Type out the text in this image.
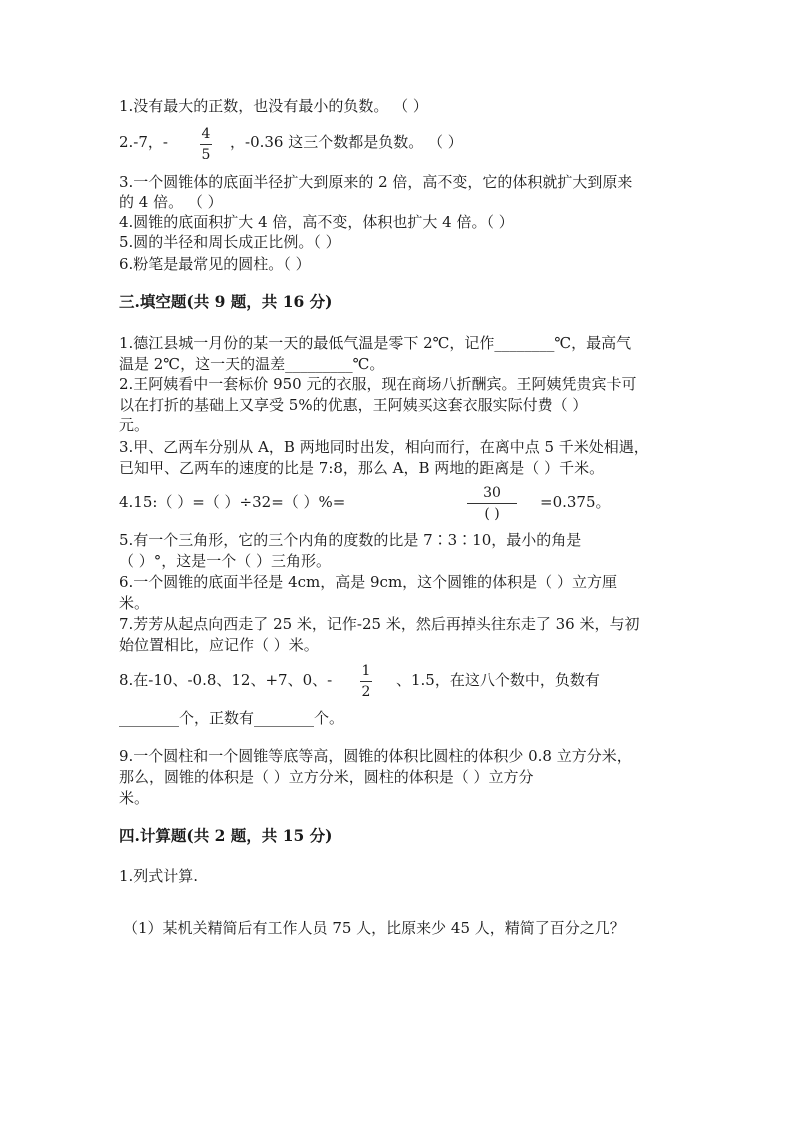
1.没有最大的正数，也没有最小的负数。 （ ）
2.-7，- 4
5
，-0.36 这三个数都是负数。 （ ）
3.一个圆锥体的底面半径扩大到原来的 2 倍，高不变，它的体积就扩大到原来
的 4 倍。 （ ）
4.圆锥的底面积扩大 4 倍，高不变，体积也扩大 4 倍。（ ）
5.圆的半径和周长成正比例。（ ）
6.粉笔是最常见的圆柱。（ ）
三.填空题(共 9 题，共 16 分)
1.德江县城一月份的某一天的最低气温是零下 2℃，记作________℃，最高气
温是 2℃，这一天的温差_________℃。
2.王阿姨看中一套标价 950 元的衣服，现在商场八折酬宾。王阿姨凭贵宾卡可
以在打折的基础上又享受 5%的优惠，王阿姨买这套衣服实际付费（ ）
元。
3.甲、乙两车分别从 A，B 两地同时出发，相向而行，在离中点 5 千米处相遇，
已知甲、乙两车的速度的比是 7:8，那么 A，B 两地的距离是（ ）千米。
4.15:（ ）=（ ）÷32=（ ）%=	30
( )
=0.375。
5.有一个三角形，它的三个内角的度数的比是 7∶3∶10，最小的角是
（ ）°，这是一个（ ）三角形。
6.一个圆锥的底面半径是 4cm，高是 9cm，这个圆锥的体积是（ ）立方厘
米。
7.芳芳从起点向西走了 25 米，记作-25 米，然后再掉头往东走了 36 米，与初
始位置相比，应记作（ ）米。
8.在-10、-0.8、12、+7、0、- 1
2
、1.5，在这八个数中，负数有
________个，正数有________个。
9.一个圆柱和一个圆锥等底等高，圆锥的体积比圆柱的体积少 0.8 立方分米，
那么，圆锥的体积是（ ）立方分米，圆柱的体积是（ ）立方分
米。
四.计算题(共 2 题，共 15 分)
1.列式计算.
（1）某机关精简后有工作人员 75 人，比原来少 45 人，精简了百分之几？
